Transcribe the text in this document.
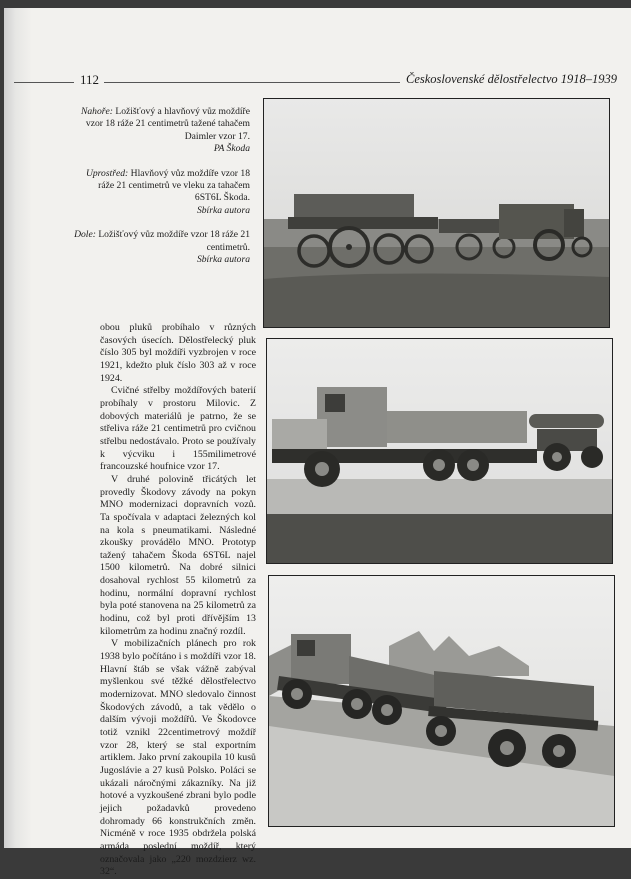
112	Československé dělostřelectvo 1918–1939

Nahoře: Ložišťový a hlavňový vůz moždíře vzor 18 ráže 21 centimetrů tažené tahačem Daimler vzor 17.
PA Škoda

Uprostřed: Hlavňový vůz moždíře vzor 18 ráže 21 centimetrů ve vleku za tahačem 6ST6L Škoda.
Sbírka autora

Dole: Ložišťový vůz moždíře vzor 18 ráže 21 centimetrů.
Sbírka autora

obou pluků probíhalo v různých časových úsecích. Dělostřelecký pluk číslo 305 byl moždíři vyzbrojen v roce 1921, kdežto pluk číslo 303 až v roce 1924.

Cvičné střelby moždířových baterií probíhaly v prostoru Milovic. Z dobových materiálů je patrno, že se střeliva ráže 21 centimetrů pro cvičnou střelbu nedostávalo. Proto se používaly k výcviku i 155milimetrové francouzské houfnice vzor 17.

V druhé polovině třicátých let provedly Škodovy závody na pokyn MNO modernizaci dopravních vozů. Ta spočívala v adaptaci železných kol na kola s pneumatikami. Následné zkoušky provádělo MNO. Prototyp tažený tahačem Škoda 6ST6L najel 1500 kilometrů. Na dobré silnici dosahoval rychlost 55 kilometrů za hodinu, normální dopravní rychlost byla poté stanovena na 25 kilometrů za hodinu, což byl proti dřívějším 13 kilometrům za hodinu značný rozdíl.

V mobilizačních plánech pro rok 1938 bylo počítáno i s moždíři vzor 18. Hlavní štáb se však vážně zabýval myšlenkou své těžké dělostřelectvo modernizovat. MNO sledovalo činnost Škodových závodů, a tak vědělo o dalším vývoji moždířů. Ve Škodovce totiž vznikl 22centimetrový moždíř vzor 28, který se stal exportním artiklem. Jako první zakoupila 10 kusů Jugoslávie a 27 kusů Polsko. Poláci se ukázali náročnými zákazníky. Na již hotové a vyzkoušené zbrani bylo podle jejich požadavků provedeno dohromady 66 konstrukčních změn. Nicméně v roce 1935 obdržela polská armáda poslední moždíř, který označovala jako „220 mozdzierz wz. 32“.
